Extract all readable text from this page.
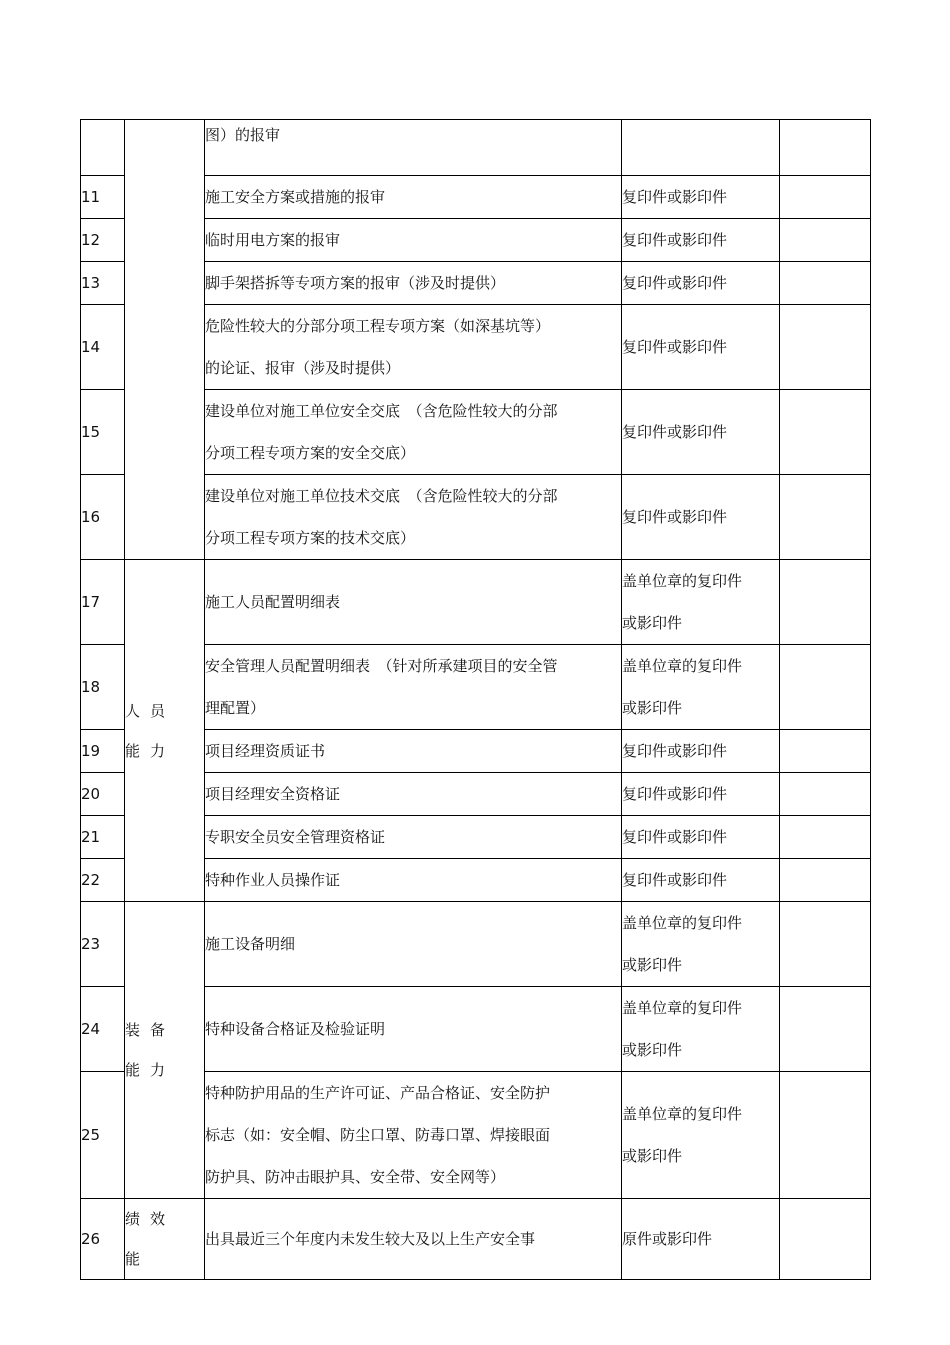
		图）的报审		

11		施工安全方案或措施的报审	复印件或影印件	
12		临时用电方案的报审	复印件或影印件	
13		脚手架搭拆等专项方案的报审（涉及时提供）	复印件或影印件	
14		危险性较大的分部分项工程专项方案（如深基坑等）
的论证、报审（涉及时提供）	复印件或影印件	
15		建设单位对施工单位安全交底　（含危险性较大的分部
分项工程专项方案的安全交底）	复印件或影印件	
16		建设单位对施工单位技术交底　（含危险性较大的分部
分项工程专项方案的技术交底）	复印件或影印件	
17	人员能力	施工人员配置明细表	盖单位章的复印件
或影印件	

18		安全管理人员配置明细表　（针对所承建项目的安全管
理配置）	盖单位章的复印件
或影印件	

19		项目经理资质证书	复印件或影印件	
20		项目经理安全资格证	复印件或影印件	
21		专职安全员安全管理资格证	复印件或影印件	
22		特种作业人员操作证	复印件或影印件	
23	装备能力	施工设备明细	盖单位章的复印件
或影印件	

24		特种设备合格证及检验证明	盖单位章的复印件
或影印件	

25		特种防护用品的生产许可证、产品合格证、安全防护
标志（如：安全帽、防尘口罩、防毒口罩、焊接眼面
防护具、防冲击眼护具、安全带、安全网等）	盖单位章的复印件
或影印件	

26	绩效能	出具最近三个年度内未发生较大及以上生产安全事	原件或影印件	
